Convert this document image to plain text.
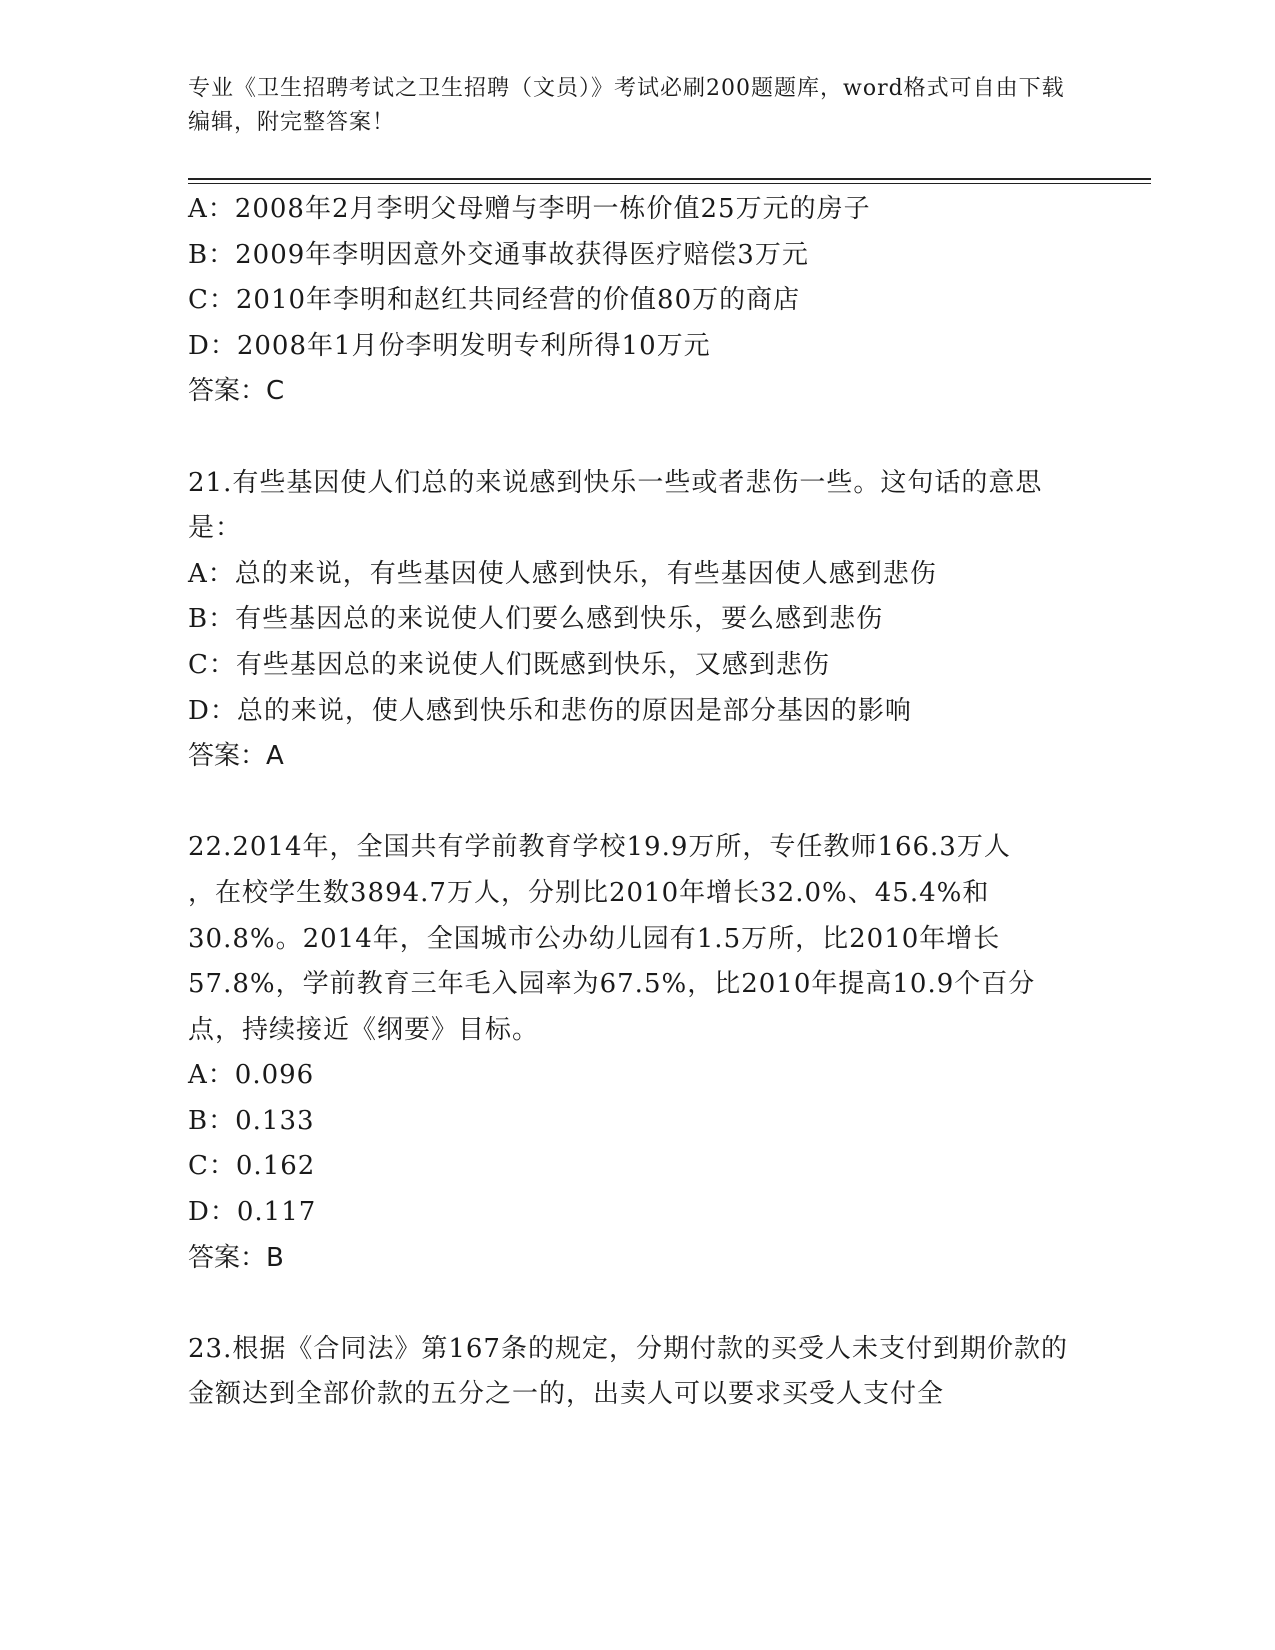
专业《卫生招聘考试之卫生招聘（文员）》考试必刷200题题库，word格式可自由下载编辑，附完整答案！
A：2008年2月李明父母赠与李明一栋价值25万元的房子
B：2009年李明因意外交通事故获得医疗赔偿3万元
C：2010年李明和赵红共同经营的价值80万的商店
D：2008年1月份李明发明专利所得10万元
答案：C
21.有些基因使人们总的来说感到快乐一些或者悲伤一些。这句话的意思是：
A：总的来说，有些基因使人感到快乐，有些基因使人感到悲伤
B：有些基因总的来说使人们要么感到快乐，要么感到悲伤
C：有些基因总的来说使人们既感到快乐，又感到悲伤
D：总的来说，使人感到快乐和悲伤的原因是部分基因的影响
答案：A
22.2014年，全国共有学前教育学校19.9万所，专任教师166.3万人
，在校学生数3894.7万人，分别比2010年增长32.0%、45.4%和
30.8%。2014年，全国城市公办幼儿园有1.5万所，比2010年增长
57.8%，学前教育三年毛入园率为67.5%，比2010年提高10.9个百分
点，持续接近《纲要》目标。
A：0.096
B：0.133
C：0.162
D：0.117
答案：B
23.根据《合同法》第167条的规定，分期付款的买受人未支付到期价款的金额达到全部价款的五分之一的，出卖人可以要求买受人支付全
